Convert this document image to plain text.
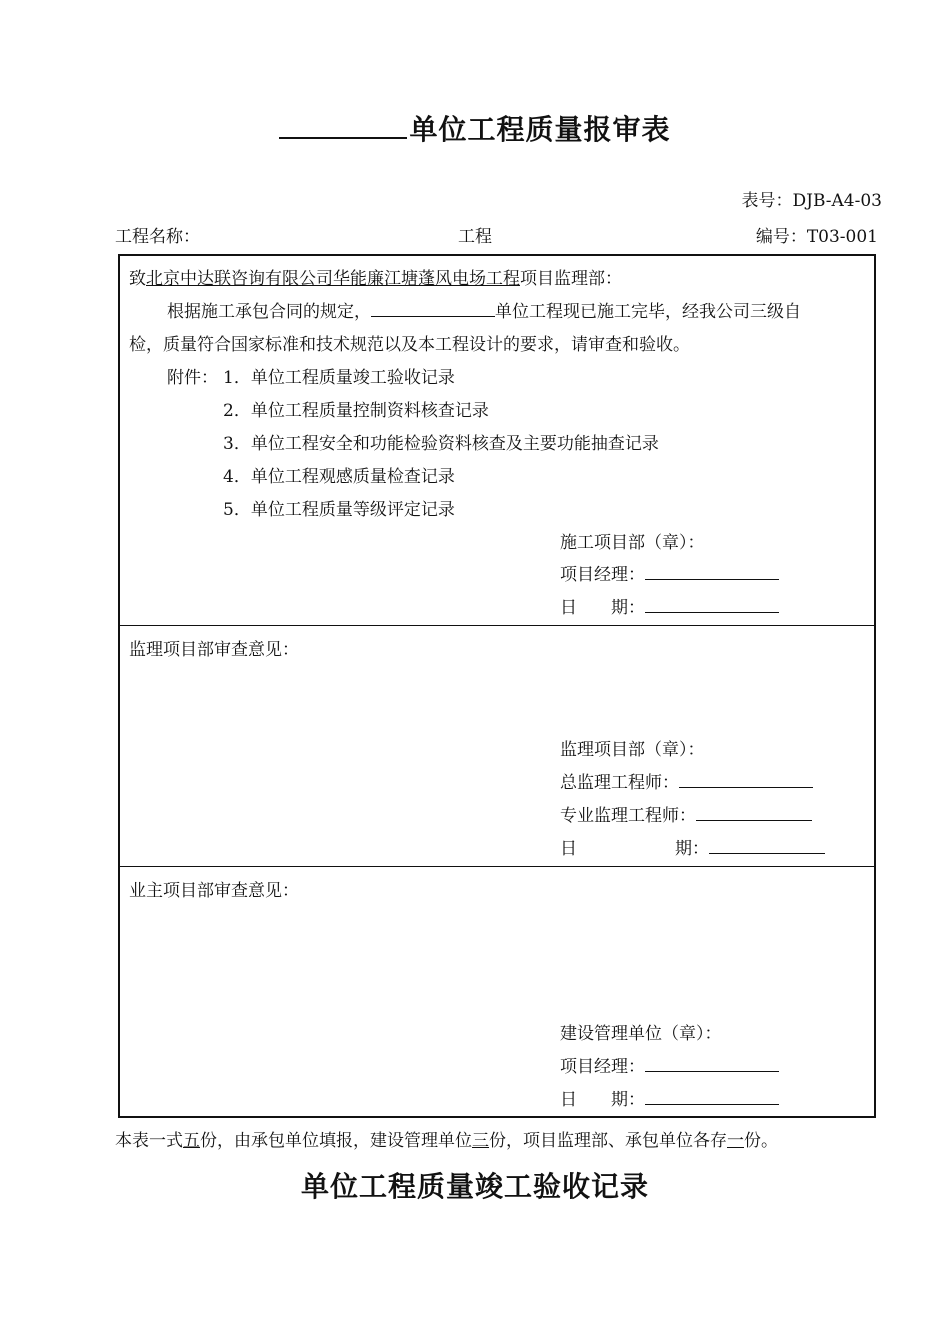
单位工程质量报审表
表号：DJB-A4-03
工程名称：	工程	编号：T03-001
致北京中达联咨询有限公司华能廉江塘蓬风电场工程项目监理部：
根据施工承包合同的规定，	单位工程现已施工完毕，经我公司三级自
检，质量符合国家标准和技术规范以及本工程设计的要求，请审查和验收。
附件： 1．单位工程质量竣工验收记录
2．单位工程质量控制资料核查记录
3．单位工程安全和功能检验资料核查及主要功能抽查记录
4．单位工程观感质量检查记录
5．单位工程质量等级评定记录
施工项目部（章）：
项目经理：
日　　期：
监理项目部审查意见：
监理项目部（章）：
总监理工程师：
专业监理工程师：
日	期：
业主项目部审查意见：
建设管理单位（章）：
项目经理：
日　　期：
本表一式五份，由承包单位填报，建设管理单位三份，项目监理部、承包单位各存一份。
单位工程质量竣工验收记录
